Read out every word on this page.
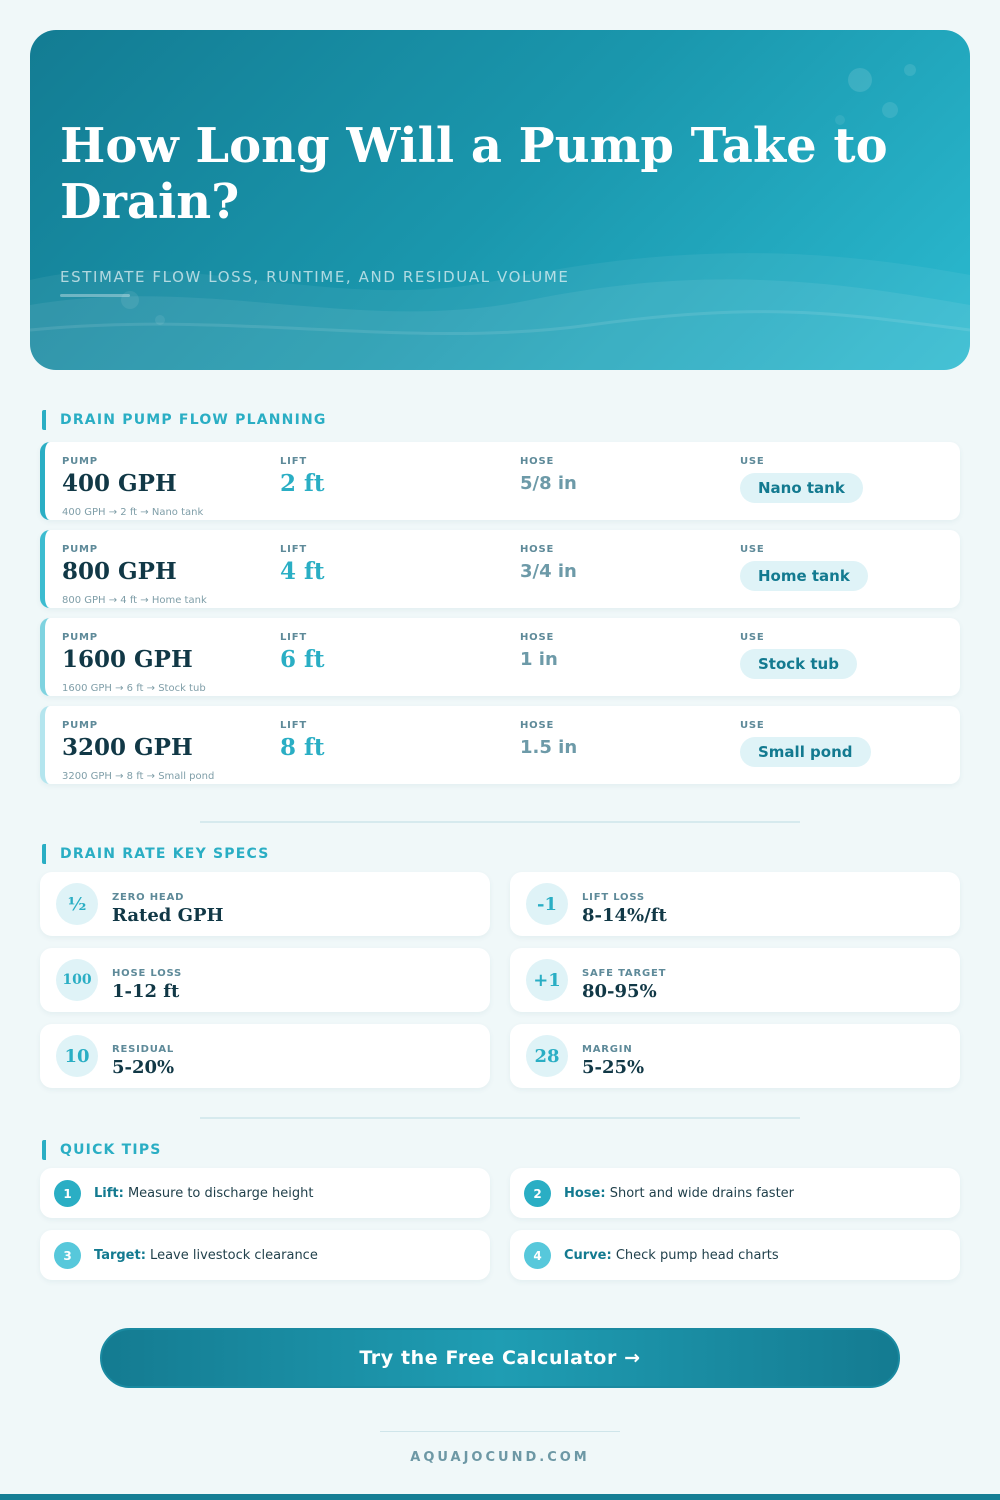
How Long Will a Pump Take to Drain?
ESTIMATE FLOW LOSS, RUNTIME, AND RESIDUAL VOLUME
DRAIN PUMP FLOW PLANNING
PUMP
400 GPH
LIFT
2 ft
HOSE
5/8 in
USE
Nano tank
400 GPH → 2 ft → Nano tank
PUMP
800 GPH
LIFT
4 ft
HOSE
3/4 in
USE
Home tank
800 GPH → 4 ft → Home tank
PUMP
1600 GPH
LIFT
6 ft
HOSE
1 in
USE
Stock tub
1600 GPH → 6 ft → Stock tub
PUMP
3200 GPH
LIFT
8 ft
HOSE
1.5 in
USE
Small pond
3200 GPH → 8 ft → Small pond
DRAIN RATE KEY SPECS
½	ZERO HEAD
Rated GPH
-1	LIFT LOSS
8-14%/ft
100	HOSE LOSS
1-12 ft
+1	SAFE TARGET
80-95%
10	RESIDUAL
5-20%
28	MARGIN
5-25%
QUICK TIPS
1	Lift: Measure to discharge height	2	Hose: Short and wide drains faster
3	Target: Leave livestock clearance	4	Curve: Check pump head charts
Try the Free Calculator →
AQUAJOCUND.COM
